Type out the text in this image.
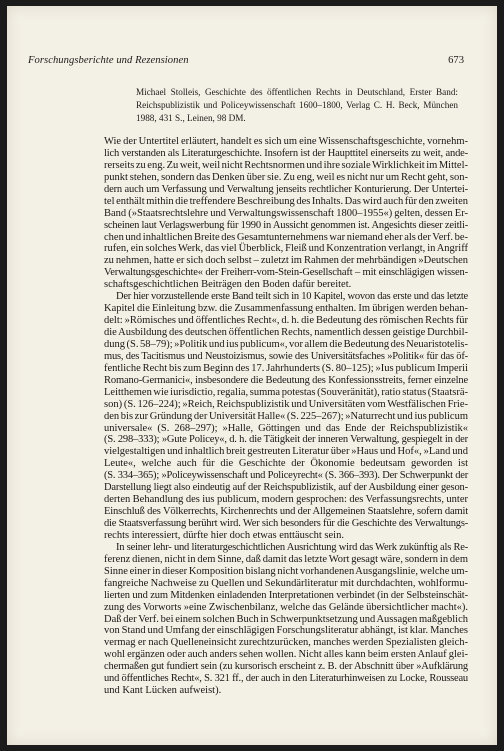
Forschungsberichte und Rezensionen	673
Michael Stolleis, Geschichte des öffentlichen Rechts in Deutschland, Erster Band: Reichspublizistik und Policeywissenschaft 1600–1800, Verlag C. H. Beck, München 1988, 431 S., Leinen, 98 DM.
Wie der Untertitel erläutert, handelt es sich um eine Wissenschaftsgeschichte, vornehm-
lich verstanden als Literaturgeschichte. Insofern ist der Haupttitel einerseits zu weit, ande-
rerseits zu eng. Zu weit, weil nicht Rechtsnormen und ihre soziale Wirklichkeit im Mittel-
punkt stehen, sondern das Denken über sie. Zu eng, weil es nicht nur um Recht geht, son-
dern auch um Verfassung und Verwaltung jenseits rechtlicher Konturierung. Der Untertei-
tel enthält mithin die treffendere Beschreibung des Inhalts. Das wird auch für den zweiten
Band (»Staatsrechtslehre und Verwaltungswissenschaft 1800–1955«) gelten, dessen Er-
scheinen laut Verlagswerbung für 1990 in Aussicht genommen ist. Angesichts dieser zeitli-
chen und inhaltlichen Breite des Gesamtunternehmens war niemand eher als der Verf. be-
rufen, ein solches Werk, das viel Überblick, Fleiß und Konzentration verlangt, in Angriff
zu nehmen, hatte er sich doch selbst – zuletzt im Rahmen der mehrbändigen »Deutschen
Verwaltungsgeschichte« der Freiherr-vom-Stein-Gesellschaft – mit einschlägigen wissen-
schaftsgeschichtlichen Beiträgen den Boden dafür bereitet.
Der hier vorzustellende erste Band teilt sich in 10 Kapitel, wovon das erste und das letzte
Kapitel die Einleitung bzw. die Zusammenfassung enthalten. Im übrigen werden behan-
delt: »Römisches und öffentliches Recht«, d. h. die Bedeutung des römischen Rechts für
die Ausbildung des deutschen öffentlichen Rechts, namentlich dessen geistige Durchbil-
dung (S. 58–79); »Politik und ius publicum«, vor allem die Bedeutung des Neuaristotelis-
mus, des Tacitismus und Neustoizismus, sowie des Universitätsfaches »Politik« für das öf-
fentliche Recht bis zum Beginn des 17. Jahrhunderts (S. 80–125); »Ius publicum Imperii
Romano-Germanici«, insbesondere die Bedeutung des Konfessionsstreits, ferner einzelne
Leitthemen wie iurisdictio, regalia, summa potestas (Souveränität), ratio status (Staatsrä-
son) (S. 126–224); »Reich, Reichspublizistik und Universitäten vom Westfälischen Frie-
den bis zur Gründung der Universität Halle« (S. 225–267); »Naturrecht und ius publicum
universale« (S. 268–297); »Halle, Göttingen und das Ende der Reichspublizistik«
(S. 298–333); »Gute Policey«, d. h. die Tätigkeit der inneren Verwaltung, gespiegelt in der
vielgestaltigen und inhaltlich breit gestreuten Literatur über »Haus und Hof«, »Land und
Leute«, welche auch für die Geschichte der Ökonomie bedeutsam geworden ist
(S. 334–365); »Policeywissenschaft und Policeyrecht« (S. 366–393). Der Schwerpunkt der
Darstellung liegt also eindeutig auf der Reichspublizistik, auf der Ausbildung einer geson-
derten Behandlung des ius publicum, modern gesprochen: des Verfassungsrechts, unter
Einschluß des Völkerrechts, Kirchenrechts und der Allgemeinen Staatslehre, sofern damit
die Staatsverfassung berührt wird. Wer sich besonders für die Geschichte des Verwaltungs-
rechts interessiert, dürfte hier doch etwas enttäuscht sein.
In seiner lehr- und literaturgeschichtlichen Ausrichtung wird das Werk zukünftig als Re-
ferenz dienen, nicht in dem Sinne, daß damit das letzte Wort gesagt wäre, sondern in dem
Sinne einer in dieser Komposition bislang nicht vorhandenen Ausgangslinie, welche um-
fangreiche Nachweise zu Quellen und Sekundärliteratur mit durchdachten, wohlformu-
lierten und zum Mitdenken einladenden Interpretationen verbindet (in der Selbsteinschät-
zung des Vorworts »eine Zwischenbilanz, welche das Gelände übersichtlicher macht«).
Daß der Verf. bei einem solchen Buch in Schwerpunktsetzung und Aussagen maßgeblich
von Stand und Umfang der einschlägigen Forschungsliteratur abhängt, ist klar. Manches
vermag er nach Quelleneinsicht zurechtzurücken, manches werden Spezialisten gleich-
wohl ergänzen oder auch anders sehen wollen. Nicht alles kann beim ersten Anlauf glei-
chermaßen gut fundiert sein (zu kursorisch erscheint z. B. der Abschnitt über »Aufklärung
und öffentliches Recht«, S. 321 ff., der auch in den Literaturhinweisen zu Locke, Rousseau
und Kant Lücken aufweist).
